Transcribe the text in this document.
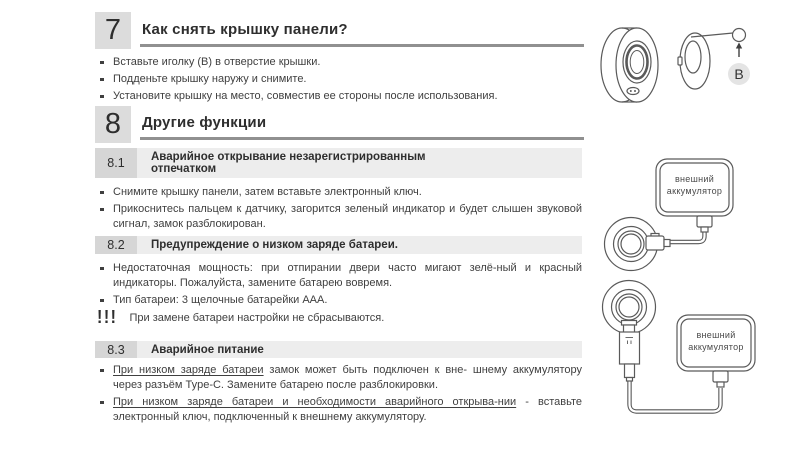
7	Как снять крышку панели?
Вставьте иголку (B) в отверстие крышки.
Подденьте крышку наружу и снимите.
Установите крышку на место, совместив ее стороны после использования.
8	Другие функции
8.1	Аварийное открывание незарегистрированным отпечатком
Снимите крышку панели, затем вставьте электронный ключ.
Прикоснитесь пальцем к датчику, загорится зеленый индикатор и будет слышен звуковой сигнал, замок разблокирован.
8.2	Предупреждение о низком заряде батареи.
Недостаточная мощность: при отпирании двери часто мигают зелё-ный и красный индикаторы. Пожалуйста, замените батарею вовремя.
Тип батареи: 3 щелочные батарейки AAA.
!!! При замене батареи настройки не сбрасываются.
8.3	Аварийное питание
При низком заряде батареи замок может быть подключен к вне- шнему аккумулятору через разъём Type-C. Замените батарею после разблокировки.
При низком заряде батареи и необходимости аварийного открыва-нии - вставьте электронный ключ, подключенный к внешнему аккумулятору.
B
внешний
аккумулятор
внешний
аккумулятор
